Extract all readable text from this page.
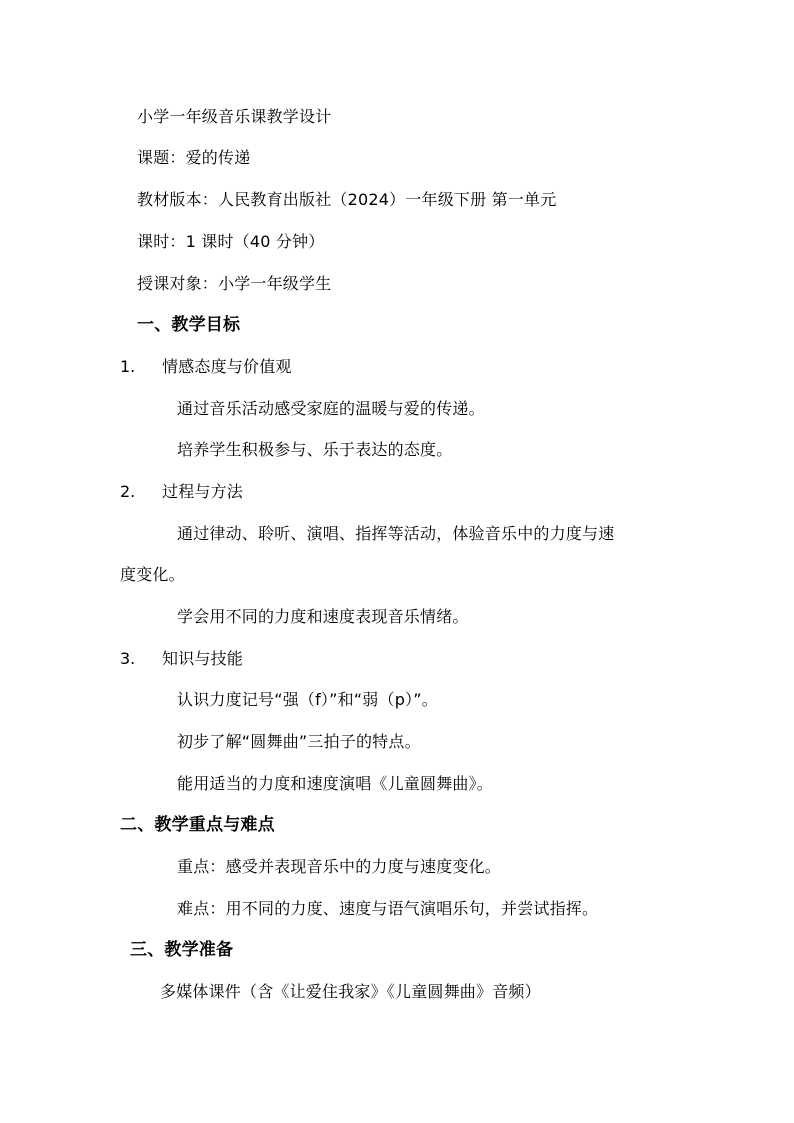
小学一年级音乐课教学设计
课题：爱的传递
教材版本：人民教育出版社（2024）一年级下册 第一单元
课时：1 课时（40 分钟）
授课对象：小学一年级学生
一、教学目标
1. 情感态度与价值观
通过音乐活动感受家庭的温暖与爱的传递。
培养学生积极参与、乐于表达的态度。
2. 过程与方法
通过律动、聆听、演唱、指挥等活动，体验音乐中的力度与速
度变化。
学会用不同的力度和速度表现音乐情绪。
3. 知识与技能
认识力度记号“强（f）”和“弱（p）”。
初步了解“圆舞曲”三拍子的特点。
能用适当的力度和速度演唱《儿童圆舞曲》。
二、教学重点与难点
重点：感受并表现音乐中的力度与速度变化。
难点：用不同的力度、速度与语气演唱乐句，并尝试指挥。
三、教学准备
多媒体课件（含《让爱住我家》《儿童圆舞曲》音频）
